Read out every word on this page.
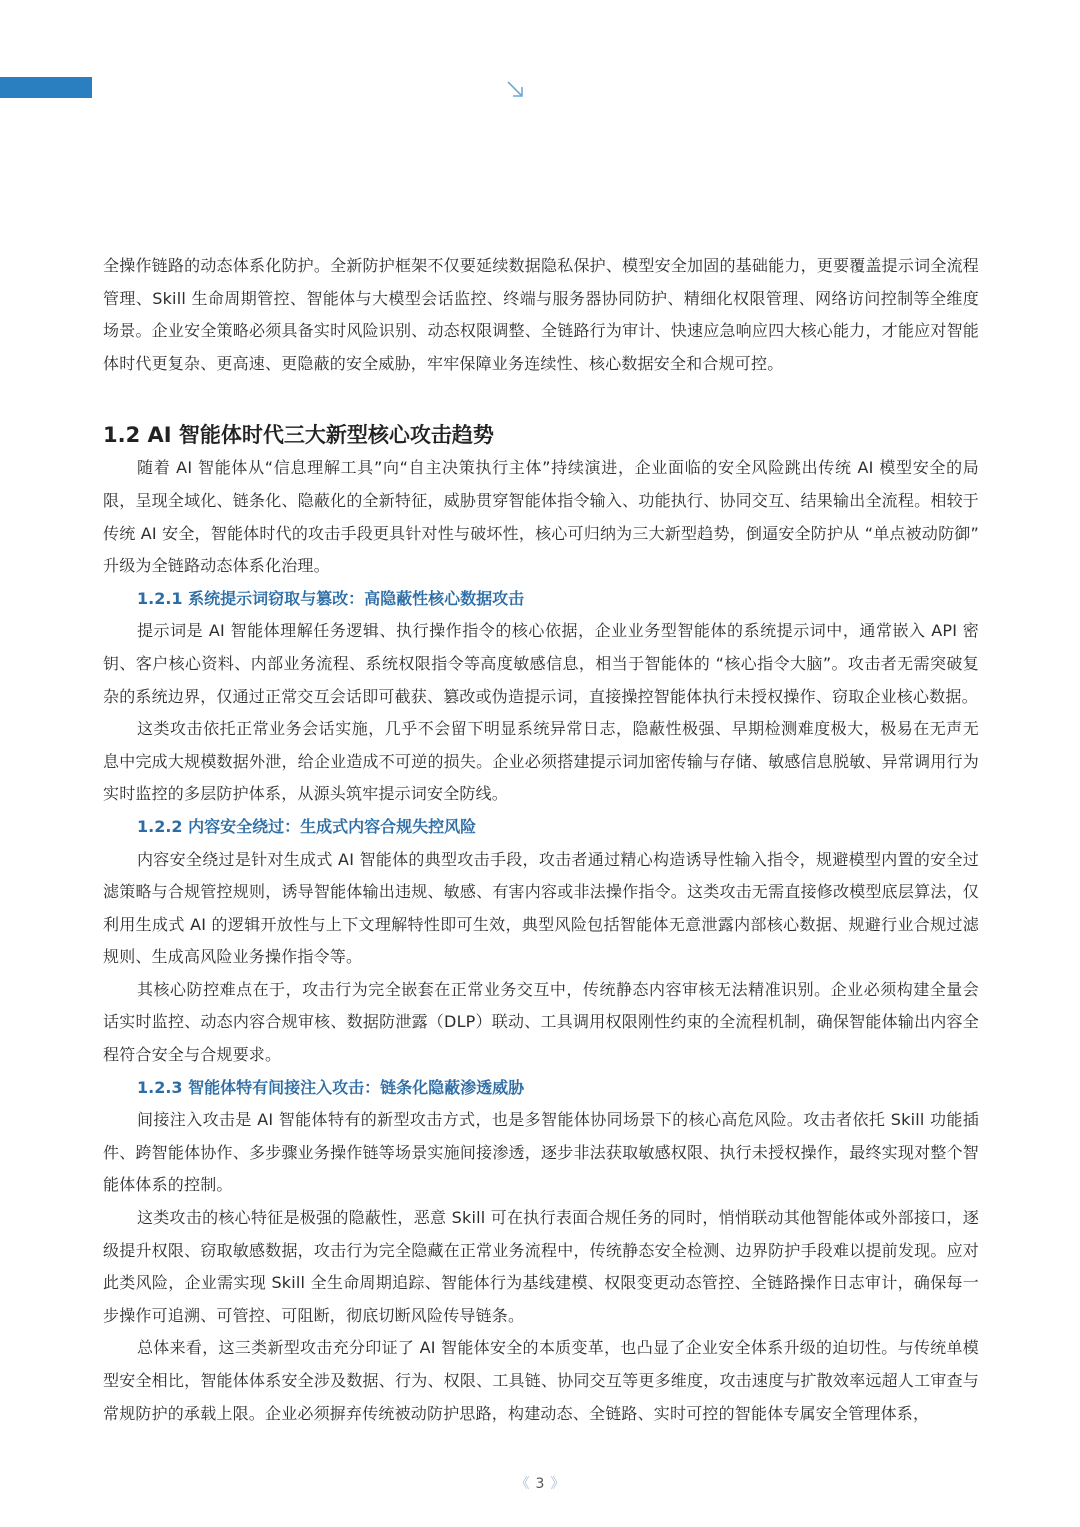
全操作链路的动态体系化防护。全新防护框架不仅要延续数据隐私保护、模型安全加固的基础能力，更要覆盖提示词全流程管理、Skill 生命周期管控、智能体与大模型会话监控、终端与服务器协同防护、精细化权限管理、网络访问控制等全维度场景。企业安全策略必须具备实时风险识别、动态权限调整、全链路行为审计、快速应急响应四大核心能力，才能应对智能体时代更复杂、更高速、更隐蔽的安全威胁，牢牢保障业务连续性、核心数据安全和合规可控。

1.2 AI 智能体时代三大新型核心攻击趋势

随着 AI 智能体从“信息理解工具”向“自主决策执行主体”持续演进，企业面临的安全风险跳出传统 AI 模型安全的局限，呈现全域化、链条化、隐蔽化的全新特征，威胁贯穿智能体指令输入、功能执行、协同交互、结果输出全流程。相较于传统 AI 安全，智能体时代的攻击手段更具针对性与破坏性，核心可归纳为三大新型趋势，倒逼安全防护从 “单点被动防御” 升级为全链路动态体系化治理。

1.2.1 系统提示词窃取与篡改：高隐蔽性核心数据攻击

提示词是 AI 智能体理解任务逻辑、执行操作指令的核心依据，企业业务型智能体的系统提示词中，通常嵌入 API 密钥、客户核心资料、内部业务流程、系统权限指令等高度敏感信息，相当于智能体的 “核心指令大脑”。攻击者无需突破复杂的系统边界，仅通过正常交互会话即可截获、篡改或伪造提示词，直接操控智能体执行未授权操作、窃取企业核心数据。

这类攻击依托正常业务会话实施，几乎不会留下明显系统异常日志，隐蔽性极强、早期检测难度极大，极易在无声无息中完成大规模数据外泄，给企业造成不可逆的损失。企业必须搭建提示词加密传输与存储、敏感信息脱敏、异常调用行为实时监控的多层防护体系，从源头筑牢提示词安全防线。

1.2.2 内容安全绕过：生成式内容合规失控风险

内容安全绕过是针对生成式 AI 智能体的典型攻击手段，攻击者通过精心构造诱导性输入指令，规避模型内置的安全过滤策略与合规管控规则，诱导智能体输出违规、敏感、有害内容或非法操作指令。这类攻击无需直接修改模型底层算法，仅利用生成式 AI 的逻辑开放性与上下文理解特性即可生效，典型风险包括智能体无意泄露内部核心数据、规避行业合规过滤规则、生成高风险业务操作指令等。

其核心防控难点在于，攻击行为完全嵌套在正常业务交互中，传统静态内容审核无法精准识别。企业必须构建全量会话实时监控、动态内容合规审核、数据防泄露（DLP）联动、工具调用权限刚性约束的全流程机制，确保智能体输出内容全程符合安全与合规要求。

1.2.3 智能体特有间接注入攻击：链条化隐蔽渗透威胁

间接注入攻击是 AI 智能体特有的新型攻击方式，也是多智能体协同场景下的核心高危风险。攻击者依托 Skill 功能插件、跨智能体协作、多步骤业务操作链等场景实施间接渗透，逐步非法获取敏感权限、执行未授权操作，最终实现对整个智能体体系的控制。

这类攻击的核心特征是极强的隐蔽性，恶意 Skill 可在执行表面合规任务的同时，悄悄联动其他智能体或外部接口，逐级提升权限、窃取敏感数据，攻击行为完全隐藏在正常业务流程中，传统静态安全检测、边界防护手段难以提前发现。应对此类风险，企业需实现 Skill 全生命周期追踪、智能体行为基线建模、权限变更动态管控、全链路操作日志审计，确保每一步操作可追溯、可管控、可阻断，彻底切断风险传导链条。

总体来看，这三类新型攻击充分印证了 AI 智能体安全的本质变革，也凸显了企业安全体系升级的迫切性。与传统单模型安全相比，智能体体系安全涉及数据、行为、权限、工具链、协同交互等更多维度，攻击速度与扩散效率远超人工审查与常规防护的承载上限。企业必须摒弃传统被动防护思路，构建动态、全链路、实时可控的智能体专属安全管理体系，

《 3 》
